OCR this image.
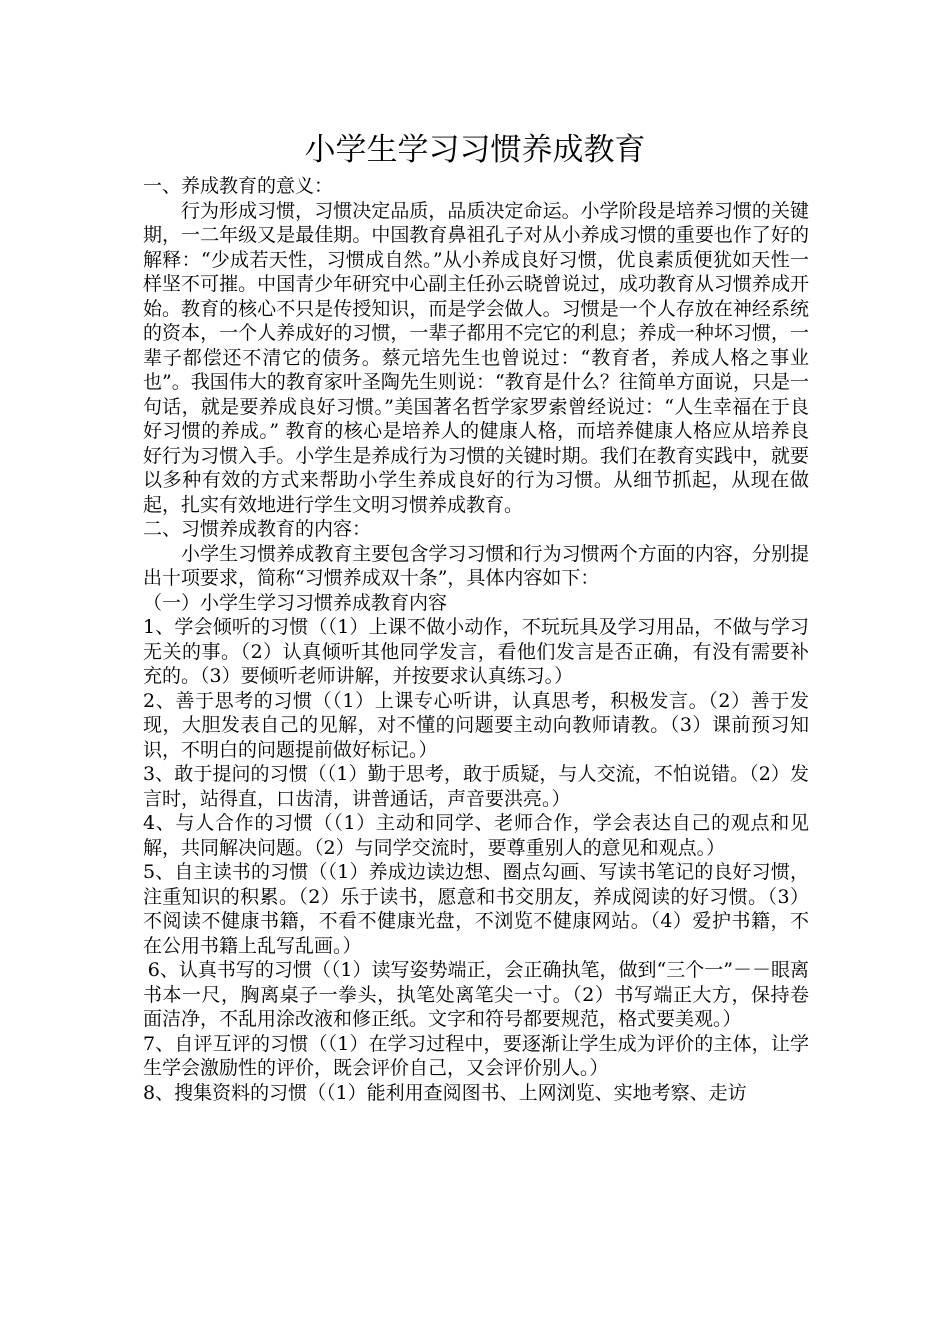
小学生学习习惯养成教育

一、养成教育的意义：

行为形成习惯，习惯决定品质，品质决定命运。小学阶段是培养习惯的关键期，一二年级又是最佳期。中国教育鼻祖孔子对从小养成习惯的重要也作了好的解释：“少成若天性，习惯成自然。”从小养成良好习惯，优良素质便犹如天性一样坚不可摧。中国青少年研究中心副主任孙云晓曾说过，成功教育从习惯养成开始。教育的核心不只是传授知识，而是学会做人。习惯是一个人存放在神经系统的资本，一个人养成好的习惯，一辈子都用不完它的利息；养成一种坏习惯，一辈子都偿还不清它的债务。蔡元培先生也曾说过：“教育者，养成人格之事业也”。我国伟大的教育家叶圣陶先生则说：“教育是什么？往简单方面说，只是一句话，就是要养成良好习惯。”美国著名哲学家罗索曾经说过：“人生幸福在于良好习惯的养成。” 教育的核心是培养人的健康人格，而培养健康人格应从培养良好行为习惯入手。小学生是养成行为习惯的关键时期。我们在教育实践中，就要以多种有效的方式来帮助小学生养成良好的行为习惯。从细节抓起，从现在做起，扎实有效地进行学生文明习惯养成教育。

二、习惯养成教育的内容：

小学生习惯养成教育主要包含学习习惯和行为习惯两个方面的内容，分别提出十项要求，简称“习惯养成双十条”，具体内容如下：

（一）小学生学习习惯养成教育内容

1、学会倾听的习惯（（1）上课不做小动作，不玩玩具及学习用品，不做与学习无关的事。（2）认真倾听其他同学发言，看他们发言是否正确，有没有需要补充的。（3）要倾听老师讲解，并按要求认真练习。）

2、善于思考的习惯（（1）上课专心听讲，认真思考，积极发言。（2）善于发现，大胆发表自己的见解，对不懂的问题要主动向教师请教。（3）课前预习知识，不明白的问题提前做好标记。）

3、敢于提问的习惯（（1）勤于思考，敢于质疑，与人交流，不怕说错。（2）发言时，站得直，口齿清，讲普通话，声音要洪亮。）

4、与人合作的习惯（（1）主动和同学、老师合作，学会表达自己的观点和见解，共同解决问题。（2）与同学交流时，要尊重别人的意见和观点。）

5、自主读书的习惯（（1）养成边读边想、圈点勾画、写读书笔记的良好习惯，注重知识的积累。（2）乐于读书，愿意和书交朋友，养成阅读的好习惯。（3）不阅读不健康书籍，不看不健康光盘，不浏览不健康网站。（4）爱护书籍，不在公用书籍上乱写乱画。）

6、认真书写的习惯（（1）读写姿势端正，会正确执笔，做到“三个一”－－眼离书本一尺，胸离桌子一拳头，执笔处离笔尖一寸。（2）书写端正大方，保持卷面洁净，不乱用涂改液和修正纸。文字和符号都要规范，格式要美观。）

7、自评互评的习惯（（1）在学习过程中，要逐渐让学生成为评价的主体，让学生学会激励性的评价，既会评价自己，又会评价别人。）

8、搜集资料的习惯（（1）能利用查阅图书、上网浏览、实地考察、走访
